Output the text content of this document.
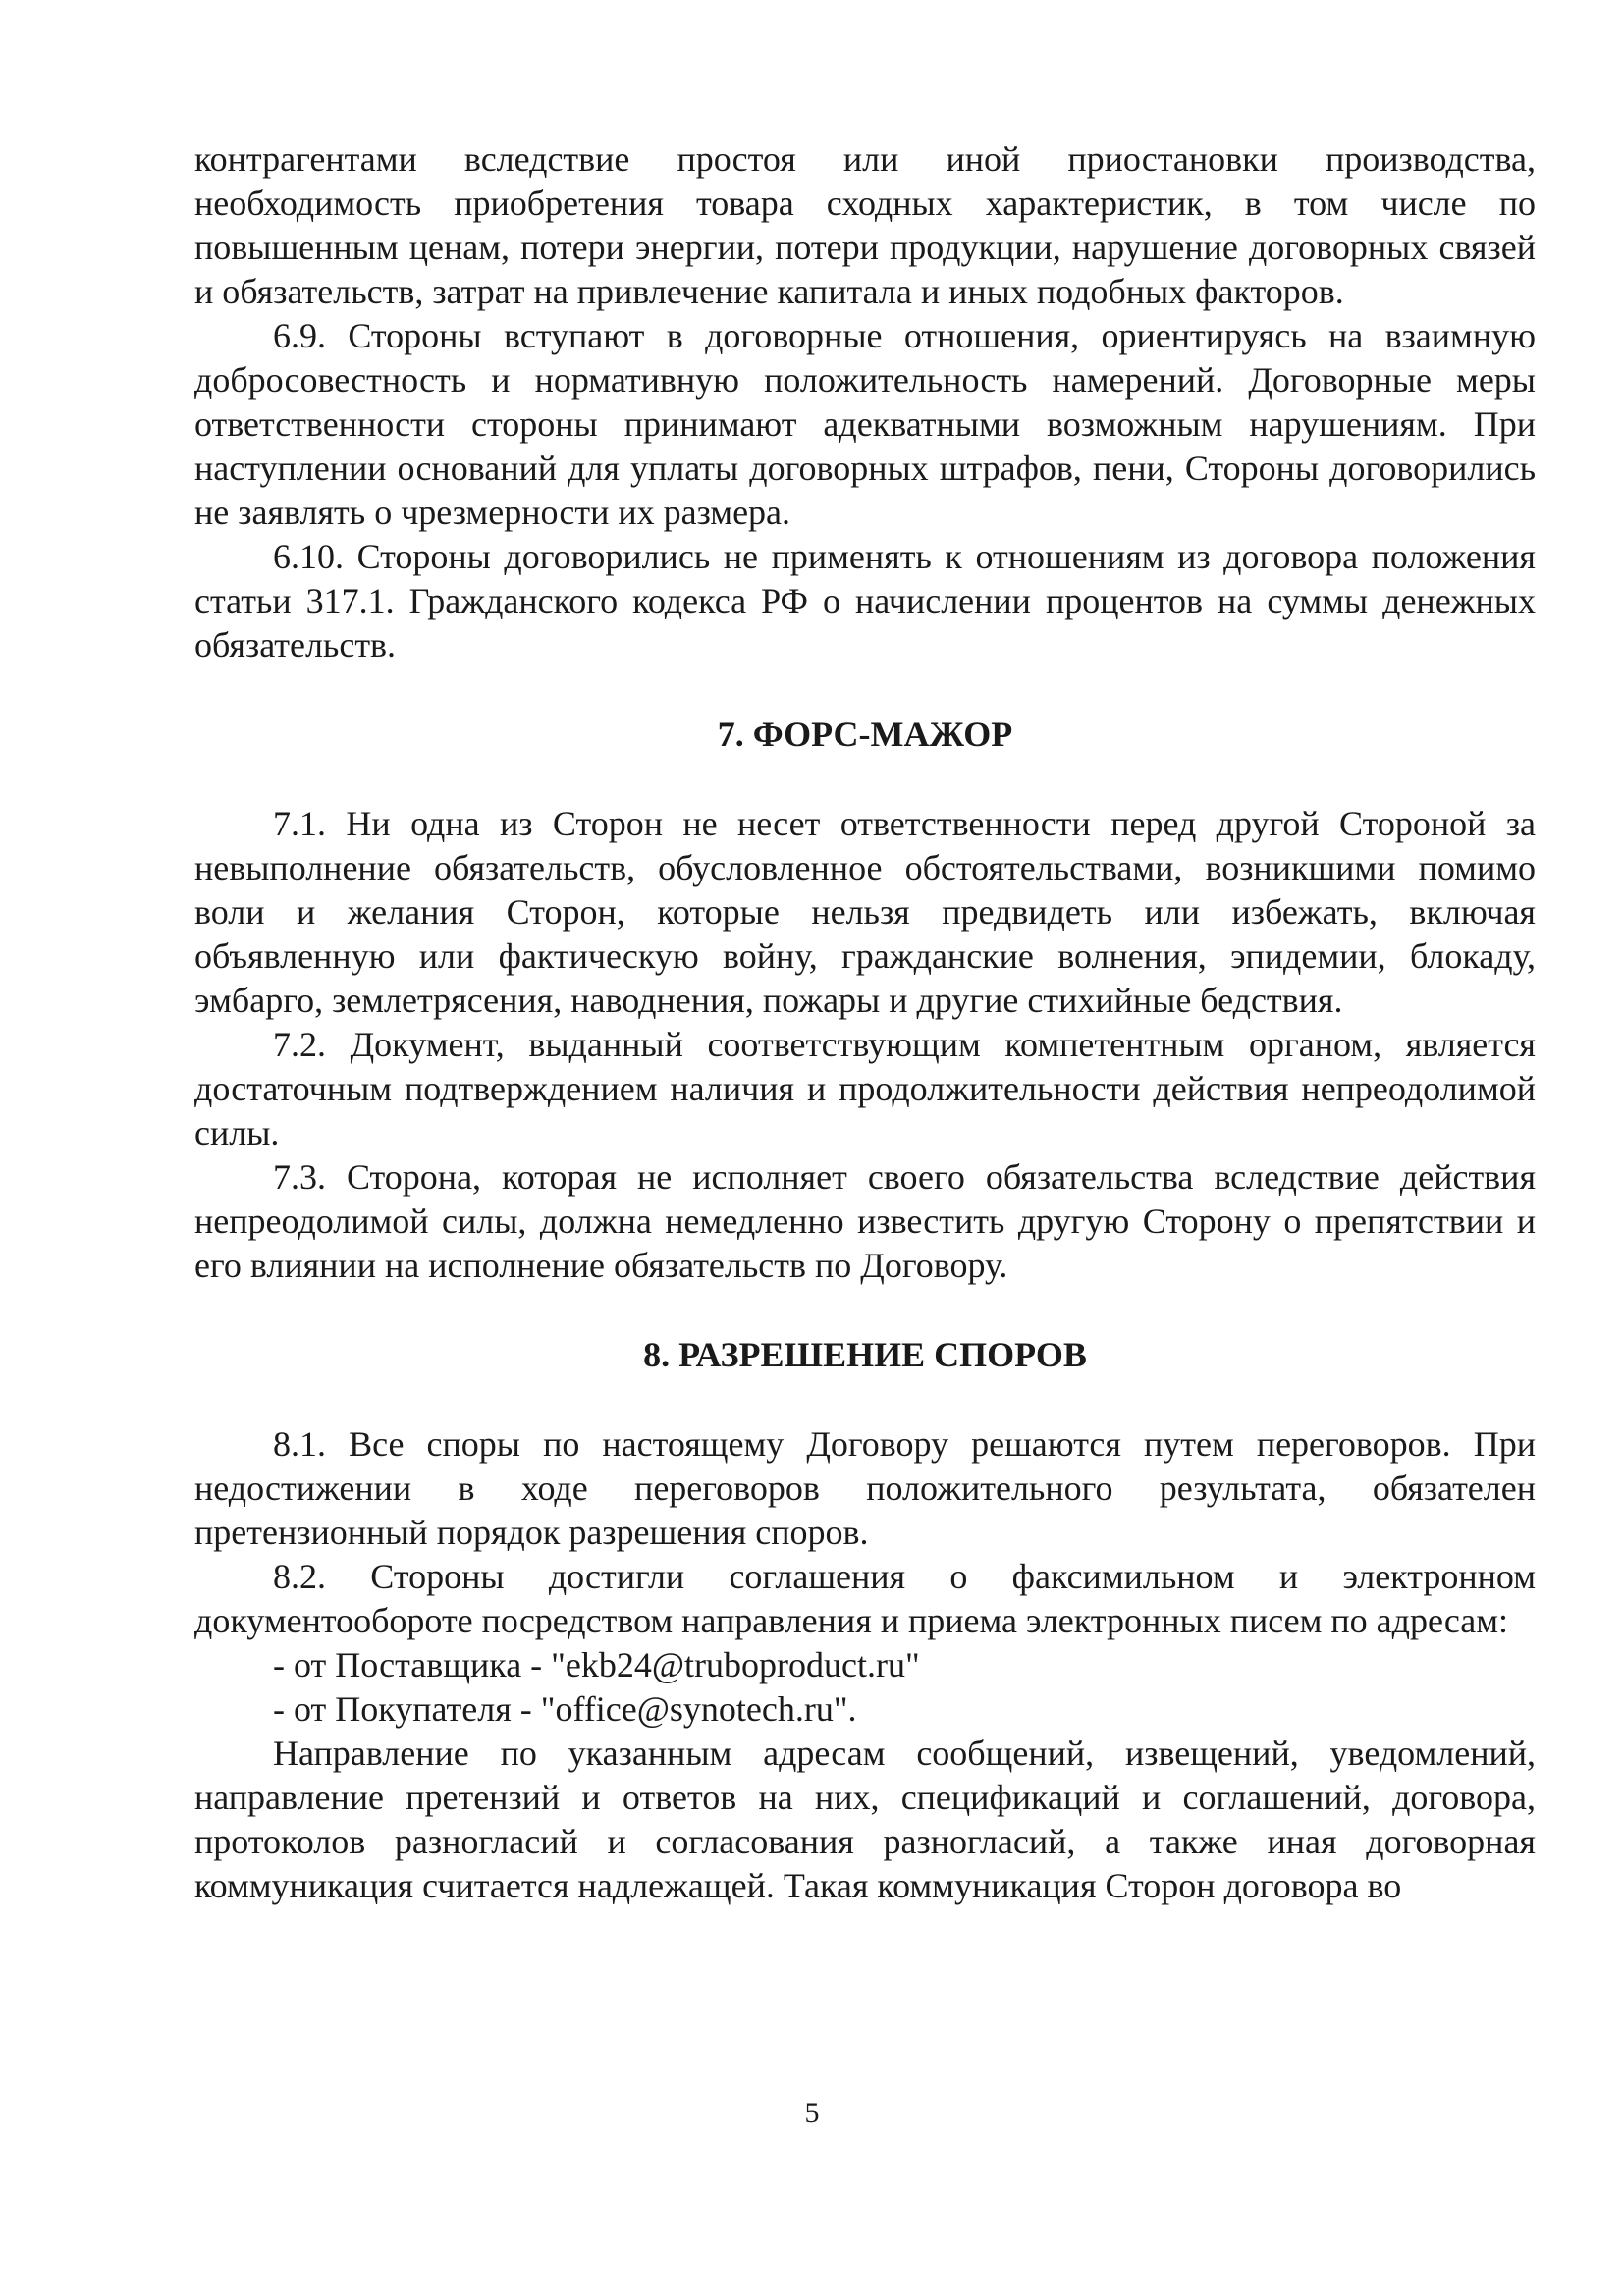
контрагентами вследствие простоя или иной приостановки производства, необходимость приобретения товара сходных характеристик, в том числе по повышенным ценам, потери энергии, потери продукции, нарушение договорных связей и обязательств, затрат на привлечение капитала и иных подобных факторов.

6.9. Стороны вступают в договорные отношения, ориентируясь на взаимную добросовестность и нормативную положительность намерений. Договорные меры ответственности стороны принимают адекватными возможным нарушениям. При наступлении оснований для уплаты договорных штрафов, пени, Стороны договорились не заявлять о чрезмерности их размера.

6.10. Стороны договорились не применять к отношениям из договора положения статьи 317.1. Гражданского кодекса РФ о начислении процентов на суммы денежных обязательств.

7. ФОРС-МАЖОР

7.1. Ни одна из Сторон не несет ответственности перед другой Стороной за невыполнение обязательств, обусловленное обстоятельствами, возникшими помимо воли и желания Сторон, которые нельзя предвидеть или избежать, включая объявленную или фактическую войну, гражданские волнения, эпидемии, блокаду, эмбарго, землетрясения, наводнения, пожары и другие стихийные бедствия.

7.2. Документ, выданный соответствующим компетентным органом, является достаточным подтверждением наличия и продолжительности действия непреодолимой силы.

7.3. Сторона, которая не исполняет своего обязательства вследствие действия непреодолимой силы, должна немедленно известить другую Сторону о препятствии и его влиянии на исполнение обязательств по Договору.

8. РАЗРЕШЕНИЕ СПОРОВ

8.1. Все споры по настоящему Договору решаются путем переговоров. При недостижении в ходе переговоров положительного результата, обязателен претензионный порядок разрешения споров.

8.2. Стороны достигли соглашения о факсимильном и электронном документообороте посредством направления и приема электронных писем по адресам:

- от Поставщика - "ekb24@truboproduct.ru"

- от Покупателя - "office@synotech.ru".

Направление по указанным адресам сообщений, извещений, уведомлений, направление претензий и ответов на них, спецификаций и соглашений, договора, протоколов разногласий и согласования разногласий, а также иная договорная коммуникация считается надлежащей. Такая коммуникация Сторон договора во

5
